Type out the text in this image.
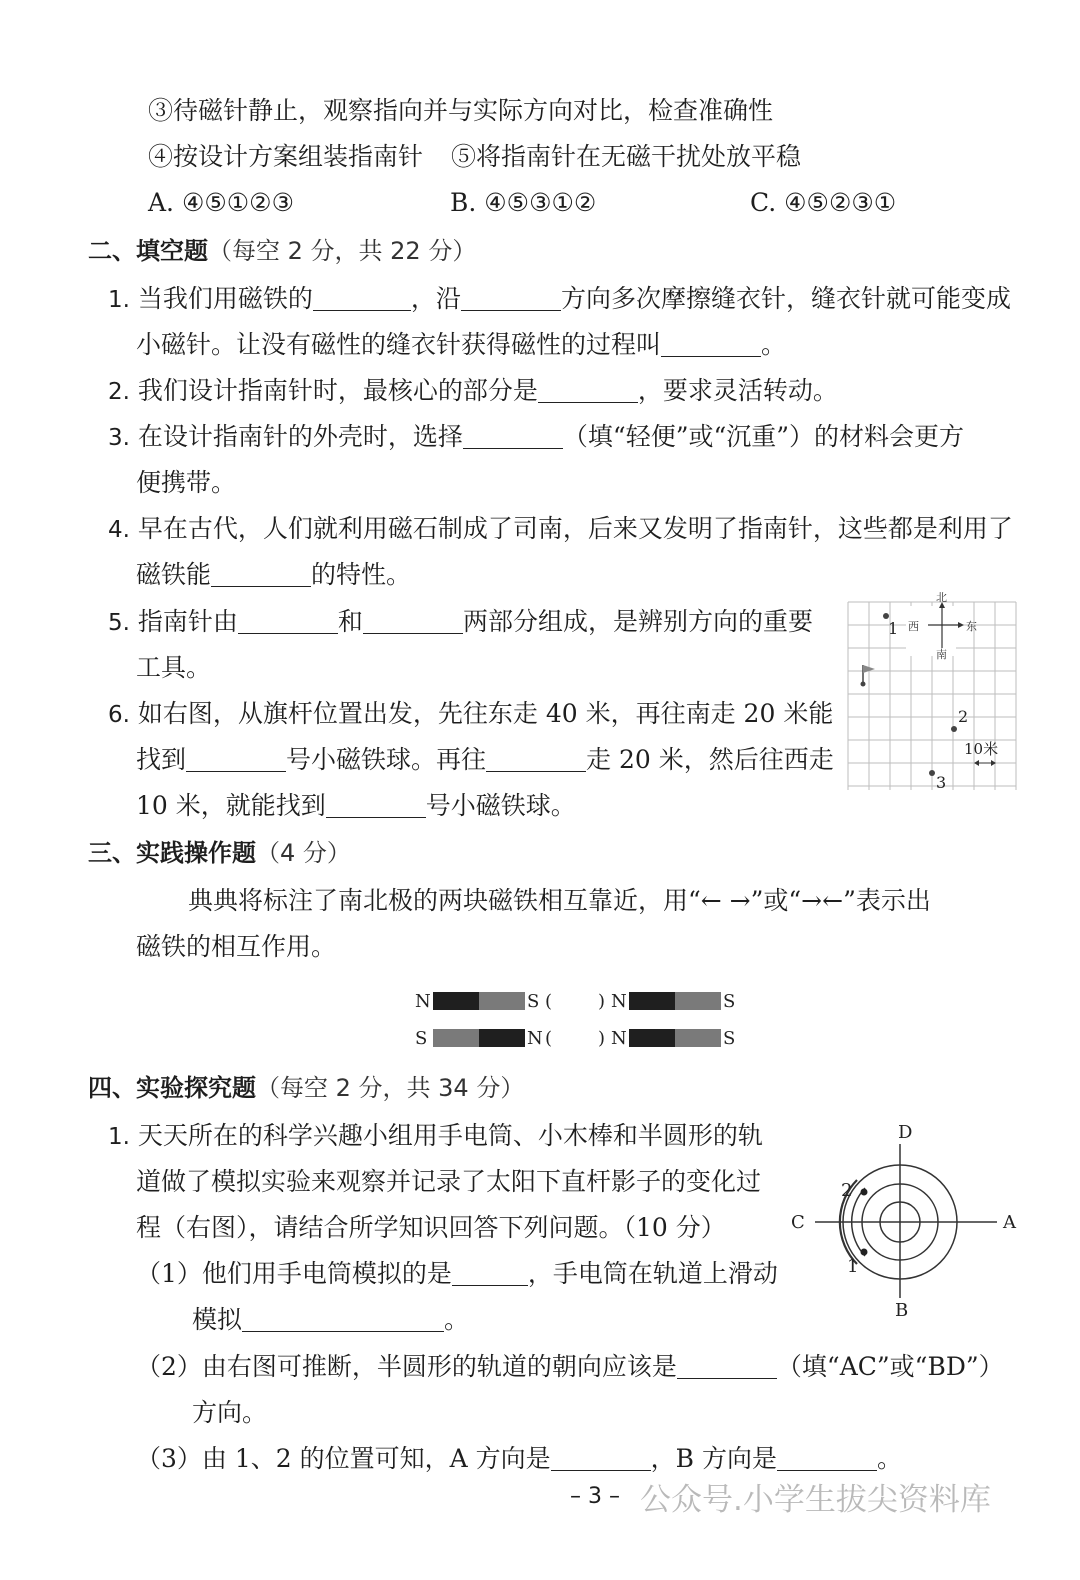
③待磁针静止，观察指向并与实际方向对比，检查准确性
④按设计方案组装指南针 ⑤将指南针在无磁干扰处放平稳
A. ④⑤①②③	B. ④⑤③①②	C. ④⑤②③①
二、填空题（每空 2 分，共 22 分）
1. 当我们用磁铁的	，沿	方向多次摩擦缝衣针，缝衣针就可能变成
小磁针。让没有磁性的缝衣针获得磁性的过程叫	。
2. 我们设计指南针时，最核心的部分是	，要求灵活转动。
3. 在设计指南针的外壳时，选择	（填“轻便”或“沉重”）的材料会更方
便携带。
4. 早在古代，人们就利用磁石制成了司南，后来又发明了指南针，这些都是利用了
磁铁能	的特性。
5. 指南针由	和	两部分组成，是辨别方向的重要
工具。
6. 如右图，从旗杆位置出发，先往东走 40 米，再往南走 20 米能
找到	号小磁铁球。再往	走 20 米，然后往西走
10 米，就能找到	号小磁铁球。
北
西	东
南
1
2
3
10米
三、实践操作题（4 分）
典典将标注了南北极的两块磁铁相互靠近，用“← →”或“→←”表示出
磁铁的相互作用。
N	S (	) N	S
S	N (	) N	S
四、实验探究题（每空 2 分，共 34 分）
1. 天天所在的科学兴趣小组用手电筒、小木棒和半圆形的轨
道做了模拟实验来观察并记录了太阳下直杆影子的变化过
程（右图），请结合所学知识回答下列问题。（10 分）
（1）他们用手电筒模拟的是	，手电筒在轨道上滑动
模拟	。
（2）由右图可推断，半圆形的轨道的朝向应该是	（填“AC”或“BD”）
方向。
（3）由 1、2 的位置可知，A 方向是	，B 方向是	。
D
A
B
C
2
1
– 3 – 公众号.小学生拔尖资料库
